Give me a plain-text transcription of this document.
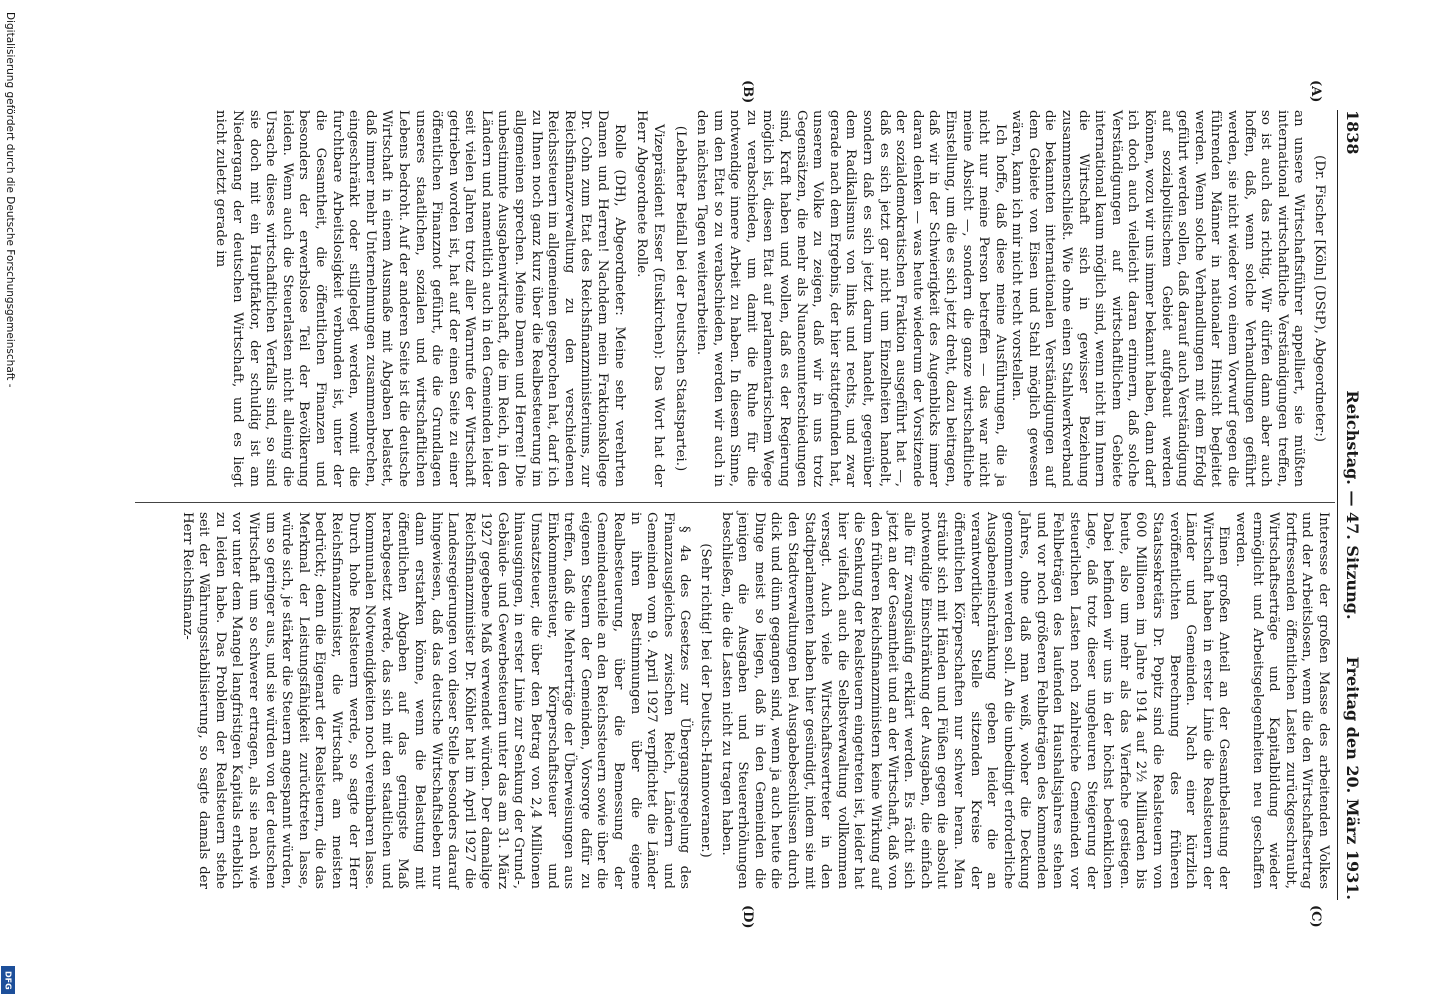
Digitalisierung gefördert durch die Deutsche Forschungsgemeinschaft -
DFG
1838
Reichstag. — 47. Sitzung.
Freitag den 20. März 1931.
(A)
(B)
(C)
(D)

(Dr. Fischer [Köln] (DStP), Abgeordneter:)

an unsere Wirtschaftsführer appelliert, sie müßten international wirtschaftliche Verständigungen treffen, so ist auch das richtig. Wir dürfen dann aber auch hoffen, daß, wenn solche Verhandlungen geführt werden, sie nicht wieder von einem Vorwurf gegen die führenden Männer in nationaler Hinsicht begleitet werden. Wenn solche Verhandlungen mit dem Erfolg geführt werden sollen, daß darauf auch Verständigung auf sozialpolitischem Gebiet aufgebaut werden können, wozu wir uns immer bekannt haben, dann darf ich doch auch vielleicht daran erinnern, daß solche Verständigungen auf wirtschaftlichem Gebiete international kaum möglich sind, wenn nicht im Innern die Wirtschaft sich in gewisser Beziehung zusammenschließt. Wie ohne einen Stahlwerkverband die bekannten internationalen Verständigungen auf dem Gebiete von Eisen und Stahl möglich gewesen wären, kann ich mir nicht recht vorstellen.

Ich hoffe, daß diese meine Ausführungen, die ja nicht nur meine Person betreffen — das war nicht meine Absicht —, sondern die ganze wirtschaftliche Einstellung, um die es sich jetzt dreht, dazu beitragen, daß wir in der Schwierigkeit des Augenblicks immer daran denken — was heute wiederum der Vorsitzende der sozialdemokratischen Fraktion ausgeführt hat —, daß es sich jetzt gar nicht um Einzelheiten handelt, sondern daß es sich jetzt darum handelt, gegenüber dem Radikalismus von links und rechts, und zwar gerade nach dem Ergebnis, der hier stattgefunden hat, unserem Volke zu zeigen, daß wir in uns trotz Gegensätzen, die mehr als Nuancenunterschiedungen sind, Kraft haben und wollen, daß es der Regierung möglich ist, diesen Etat auf parlamentarischem Wege zu verabschieden, um damit die Ruhe für die notwendige innere Arbeit zu haben. In diesem Sinne, um den Etat so zu verabschieden, werden wir auch in den nächsten Tagen weiterarbeiten.

(Lebhafter Beifall bei der Deutschen Staatspartei.)

Vizepräsident Esser (Euskirchen): Das Wort hat der Herr Abgeordnete Rolle.

Rolle (DH), Abgeordneter: Meine sehr verehrten Damen und Herren! Nachdem mein Fraktionskollege Dr. Cohn zum Etat des Reichsfinanzministeriums, zur Reichsfinanzverwaltung zu den verschiedenen Reichssteuern im allgemeinen gesprochen hat, darf ich zu Ihnen noch ganz kurz über die Realbesteuerung im allgemeinen sprechen. Meine Damen und Herren! Die unbestimmte Ausgabenwirtschaft, die im Reich, in den Ländern und namentlich auch in den Gemeinden leider seit vielen Jahren trotz aller Warnrufe der Wirtschaft getrieben worden ist, hat auf der einen Seite zu einer öffentlichen Finanznot geführt, die die Grundlagen unseres staatlichen, sozialen und wirtschaftlichen Lebens bedroht. Auf der anderen Seite ist die deutsche Wirtschaft in einem Ausmaße mit Abgaben belastet, daß immer mehr Unternehmungen zusammenbrechen, eingeschränkt oder stillgelegt werden, womit die furchtbare Arbeitslosigkeit verbunden ist, unter der die Gesamtheit, die öffentlichen Finanzen und besonders der erwerbslose Teil der Bevölkerung leiden. Wenn auch die Steuerlasten nicht alleinig die Ursache dieses wirtschaftlichen Verfalls sind, so sind sie doch mit ein Hauptfaktor, der schuldig ist am Niedergang der deutschen Wirtschaft, und es liegt nicht zuletzt gerade im

Interesse der großen Masse des arbeitenden Volkes und der Arbeitslosen, wenn die den Wirtschaftsertrag fortfressenden öffentlichen Lasten zurückgeschraubt, Wirtschaftserträge und Kapitalbildung wieder ermöglicht und Arbeitsgelegenheiten neu geschaffen werden.

Einen großen Anteil an der Gesamtbelastung der Wirtschaft haben in erster Linie die Realsteuern der Länder und Gemeinden. Nach einer kürzlich veröffentlichten Berechnung des früheren Staatssekretärs Dr. Popitz sind die Realsteuern von 600 Millionen im Jahre 1914 auf 2½ Milliarden bis heute, also um mehr als das Vierfache gestiegen. Dabei befinden wir uns in der höchst bedenklichen Lage, daß trotz dieser ungeheuren Steigerung der steuerlichen Lasten noch zahlreiche Gemeinden vor Fehlbeträgen des laufenden Haushaltsjahres stehen und vor noch größeren Fehlbeträgen des kommenden Jahres, ohne daß man weiß, woher die Deckung genommen werden soll. An die unbedingt erforderliche Ausgabeneinschränkung geben leider die an verantwortlicher Stelle sitzenden Kreise der öffentlichen Körperschaften nur schwer heran. Man sträubt sich mit Händen und Füßen gegen die absolut notwendige Einschränkung der Ausgaben, die einfach alle für zwangsläufig erklärt werden. Es rächt sich jetzt an der Gesamtheit und an der Wirtschaft, daß von den früheren Reichsfinanzministern keine Wirkung auf die Senkung der Realsteuern eingetreten ist, leider hat hier vielfach auch die Selbstverwaltung vollkommen versagt. Auch viele Wirtschaftsvertreter in den Stadtparlamenten haben hier gesündigt, indem sie mit den Stadtverwaltungen bei Ausgabebeschlüssen durch dick und dünn gegangen sind, wenn ja auch heute die Dinge meist so liegen, daß in den Gemeinden die jenigen die Ausgaben und Steuererhöhungen beschließen, die die Lasten nicht zu tragen haben.

(Sehr richtig! bei der Deutsch-Hannoveraner.)

§ 4a des Gesetzes zur Übergangsregelung des Finanzausgleiches zwischen Reich, Ländern und Gemeinden vom 9. April 1927 verpflichtet die Länder in ihren Bestimmungen über die eigene Realbesteuerung, über die Bemessung der Gemeindeanteile an den Reichssteuern sowie über die eigenen Steuern der Gemeinden, Vorsorge dafür zu treffen, daß die Mehrerträge der Überweisungen aus Einkommensteuer, Körperschaftsteuer und Umsatzsteuer, die über den Betrag von 2,4 Millionen hinausgingen, in erster Linie zur Senkung der Grund-, Gebäude- und Gewerbesteuern unter das am 31. März 1927 gegebene Maß verwendet würden. Der damalige Reichsfinanzminister Dr. Köhler hat im April 1927 die Landesregierungen von dieser Stelle besonders darauf hingewiesen, daß das deutsche Wirtschaftsleben nur dann erstarken könne, wenn die Belastung mit öffentlichen Abgaben auf das geringste Maß herabgesetzt werde, das sich mit den staatlichen und kommunalen Notwendigkeiten noch vereinbaren lasse. Durch hohe Realsteuern werde, so sagte der Herr Reichsfinanzminister, die Wirtschaft am meisten bedrückt; denn die Eigenart der Realsteuern, die das Merkmal der Leistungsfähigkeit zurücktreten lasse, würde sich, je stärker die Steuern angespannt würden, um so geringer aus, und sie würden von der deutschen Wirtschaft um so schwerer ertragen, als sie nach wie vor unter dem Mangel langfristigen Kapitals erheblich zu leiden habe. Das Problem der Realsteuern stehe seit der Währungsstabilisierung, so sagte damals der Herr Reichsfinanz-
